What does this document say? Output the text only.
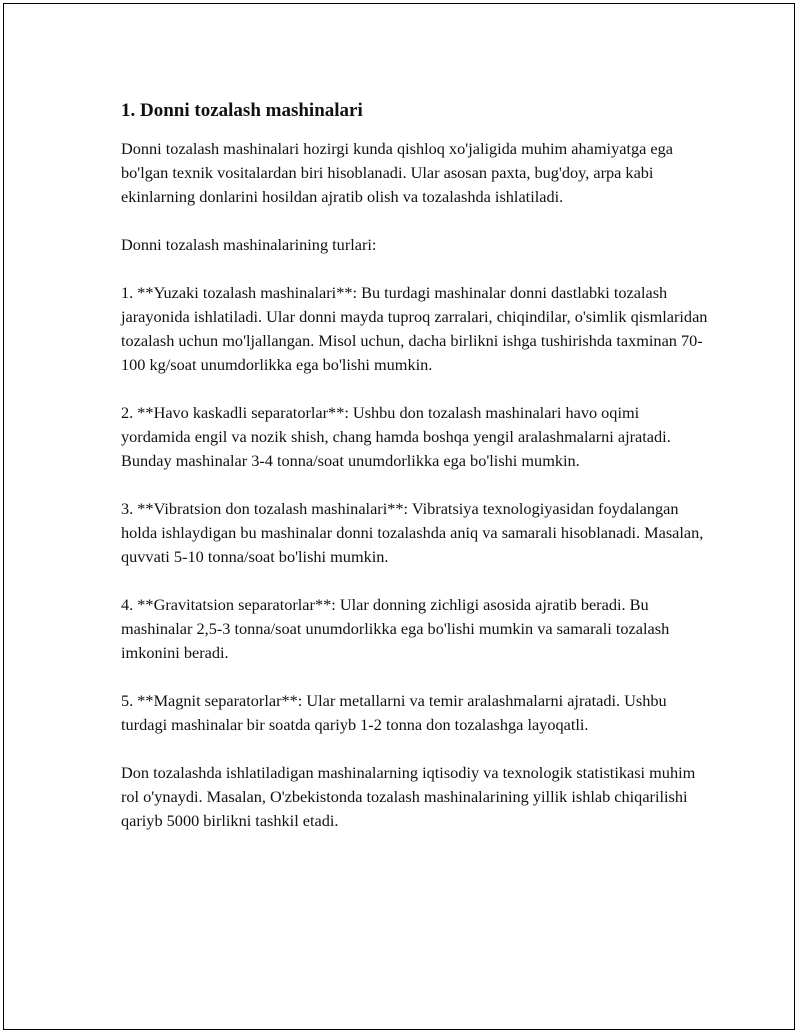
1. Donni tozalash mashinalari

Donni tozalash mashinalari hozirgi kunda qishloq xo'jaligida muhim ahamiyatga ega bo'lgan texnik vositalardan biri hisoblanadi. Ular asosan paxta, bug'doy, arpa kabi ekinlarning donlarini hosildan ajratib olish va tozalashda ishlatiladi.

Donni tozalash mashinalarining turlari:

1. **Yuzaki tozalash mashinalari**: Bu turdagi mashinalar donni dastlabki tozalash jarayonida ishlatiladi. Ular donni mayda tuproq zarralari, chiqindilar, o'simlik qismlaridan tozalash uchun mo'ljallangan. Misol uchun, dacha birlikni ishga tushirishda taxminan 70-100 kg/soat unumdorlikka ega bo'lishi mumkin.

2. **Havo kaskadli separatorlar**: Ushbu don tozalash mashinalari havo oqimi yordamida engil va nozik shish, chang hamda boshqa yengil aralashmalarni ajratadi. Bunday mashinalar 3-4 tonna/soat unumdorlikka ega bo'lishi mumkin.

3. **Vibratsion don tozalash mashinalari**: Vibratsiya texnologiyasidan foydalangan holda ishlaydigan bu mashinalar donni tozalashda aniq va samarali hisoblanadi. Masalan, quvvati 5-10 tonna/soat bo'lishi mumkin.

4. **Gravitatsion separatorlar**: Ular donning zichligi asosida ajratib beradi. Bu mashinalar 2,5-3 tonna/soat unumdorlikka ega bo'lishi mumkin va samarali tozalash imkonini beradi.

5. **Magnit separatorlar**: Ular metallarni va temir aralashmalarni ajratadi. Ushbu turdagi mashinalar bir soatda qariyb 1-2 tonna don tozalashga layoqatli.

Don tozalashda ishlatiladigan mashinalarning iqtisodiy va texnologik statistikasi muhim rol o'ynaydi. Masalan, O'zbekistonda tozalash mashinalarining yillik ishlab chiqarilishi qariyb 5000 birlikni tashkil etadi.
